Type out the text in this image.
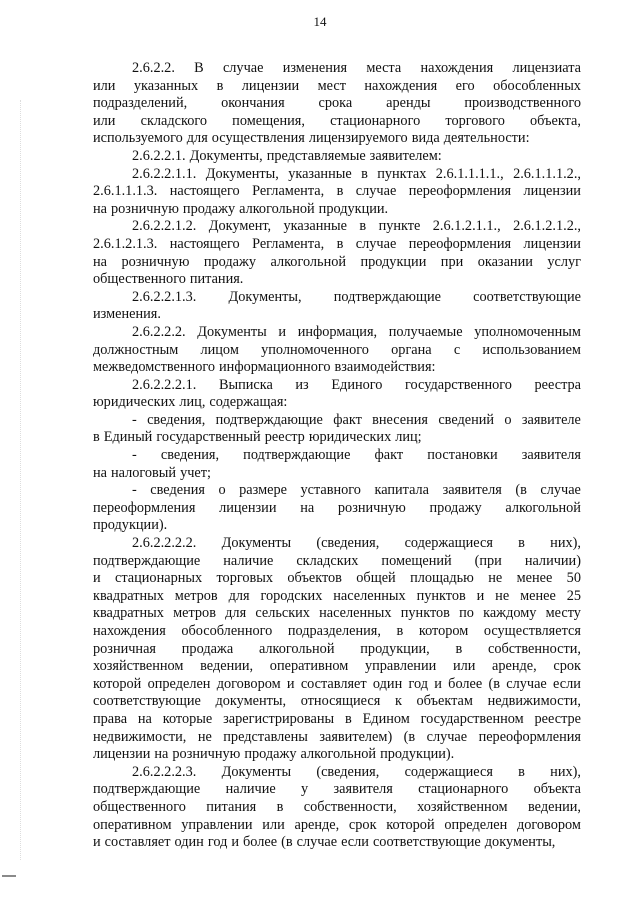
14
2.6.2.2. В случае изменения места нахождения лицензиата
или указанных в лицензии мест нахождения его обособленных
подразделений, окончания срока аренды производственного
или складского помещения, стационарного торгового объекта,
используемого для осуществления лицензируемого вида деятельности:
2.6.2.2.1. Документы, представляемые заявителем:
2.6.2.2.1.1. Документы, указанные в пунктах 2.6.1.1.1.1., 2.6.1.1.1.2.,
2.6.1.1.1.3. настоящего Регламента, в случае переоформления лицензии
на розничную продажу алкогольной продукции.
2.6.2.2.1.2. Документ, указанные в пункте 2.6.1.2.1.1., 2.6.1.2.1.2.,
2.6.1.2.1.3. настоящего Регламента, в случае переоформления лицензии
на розничную продажу алкогольной продукции при оказании услуг
общественного питания.
2.6.2.2.1.3. Документы, подтверждающие соответствующие
изменения.
2.6.2.2.2. Документы и информация, получаемые уполномоченным
должностным лицом уполномоченного органа с использованием
межведомственного информационного взаимодействия:
2.6.2.2.2.1. Выписка из Единого государственного реестра
юридических лиц, содержащая:
- сведения, подтверждающие факт внесения сведений о заявителе
в Единый государственный реестр юридических лиц;
- сведения, подтверждающие факт постановки заявителя
на налоговый учет;
- сведения о размере уставного капитала заявителя (в случае
переоформления лицензии на розничную продажу алкогольной
продукции).
2.6.2.2.2.2. Документы (сведения, содержащиеся в них),
подтверждающие наличие складских помещений (при наличии)
и стационарных торговых объектов общей площадью не менее 50
квадратных метров для городских населенных пунктов и не менее 25
квадратных метров для сельских населенных пунктов по каждому месту
нахождения обособленного подразделения, в котором осуществляется
розничная продажа алкогольной продукции, в собственности,
хозяйственном ведении, оперативном управлении или аренде, срок
которой определен договором и составляет один год и более (в случае если
соответствующие документы, относящиеся к объектам недвижимости,
права на которые зарегистрированы в Едином государственном реестре
недвижимости, не представлены заявителем) (в случае переоформления
лицензии на розничную продажу алкогольной продукции).
2.6.2.2.2.3. Документы (сведения, содержащиеся в них),
подтверждающие наличие у заявителя стационарного объекта
общественного питания в собственности, хозяйственном ведении,
оперативном управлении или аренде, срок которой определен договором
и составляет один год и более (в случае если соответствующие документы,
